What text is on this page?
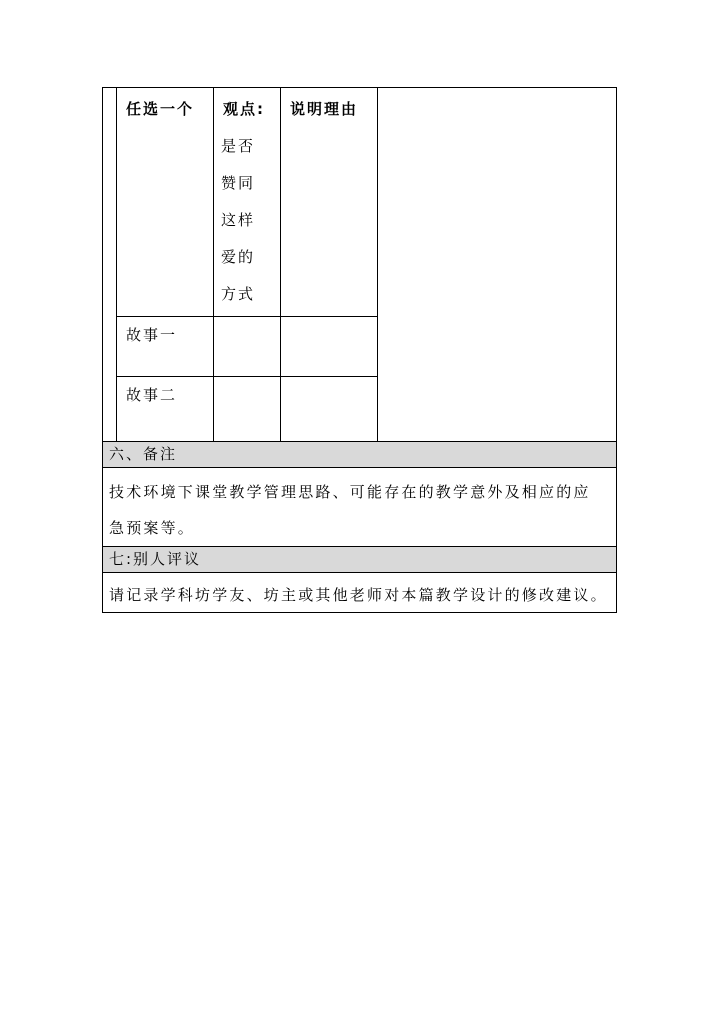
任选一个 观点:
是否
赞同
这样
爱的
方式
说明理由
故事一
故事二
六、备注
技术环境下课堂教学管理思路、可能存在的教学意外及相应的应
急预案等。
七:别人评议
请记录学科坊学友、坊主或其他老师对本篇教学设计的修改建议。
